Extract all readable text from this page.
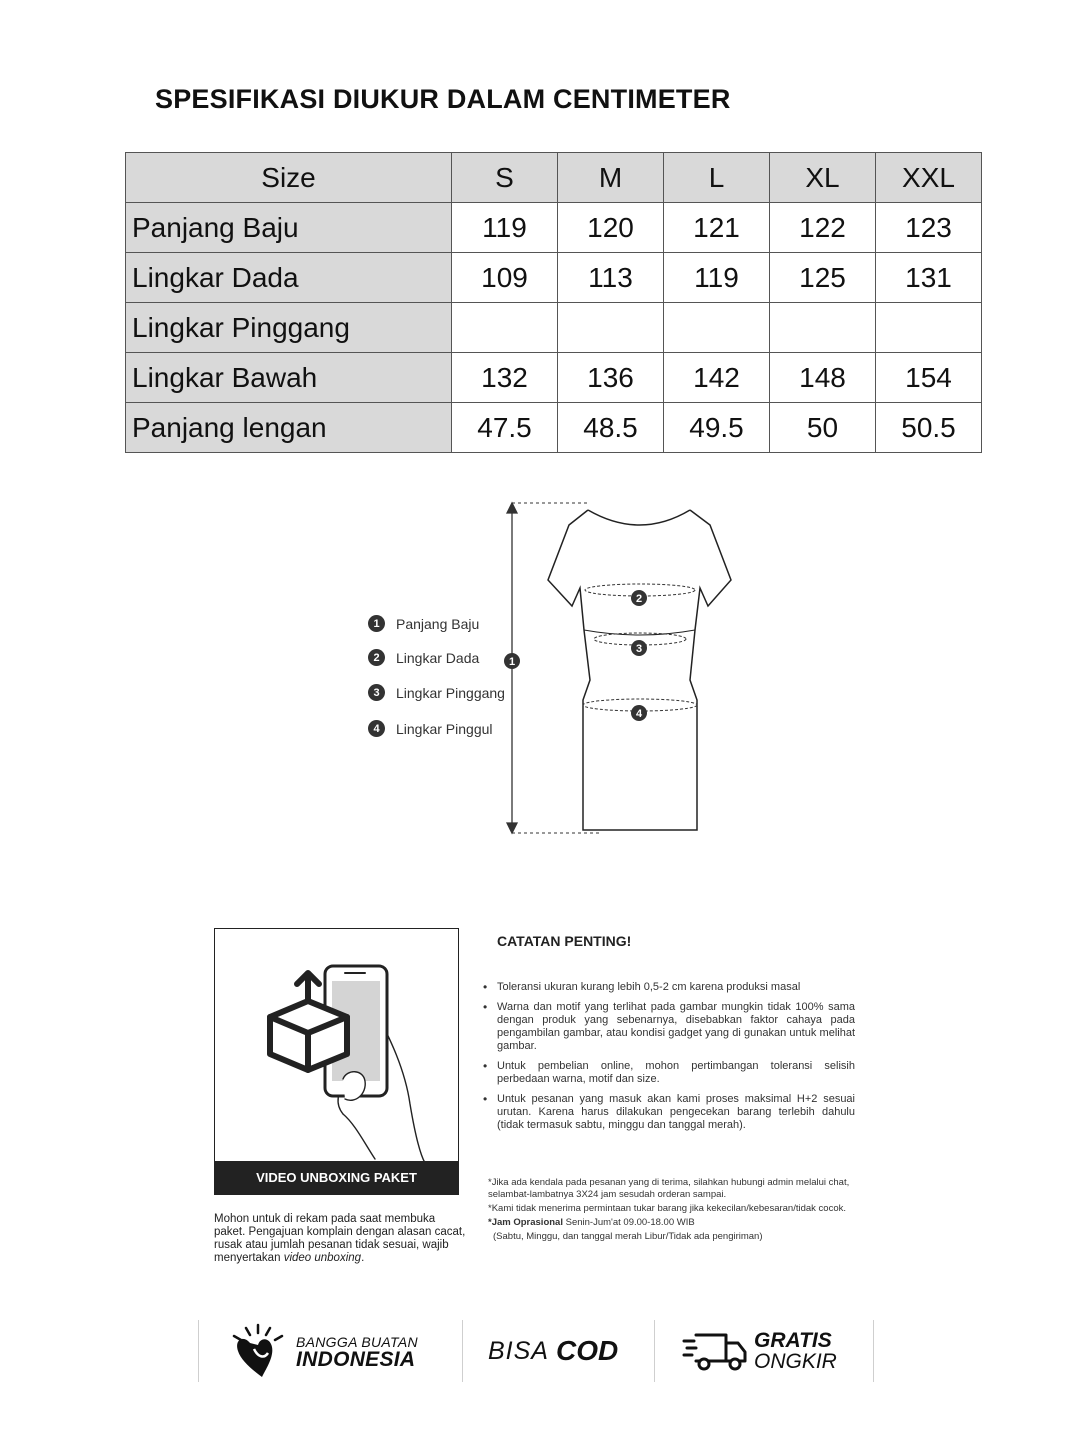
SPESIFIKASI DIUKUR DALAM CENTIMETER
Size	S	M	L	XL	XXL
Panjang Baju	119	120	121	122	123
Lingkar Dada	109	113	119	125	131
Lingkar Pinggang					
Lingkar Bawah	132	136	142	148	154
Panjang lengan	47.5	48.5	49.5	50	50.5
1	Panjang Baju
2	Lingkar Dada
3	Lingkar Pinggang
4	Lingkar Pinggul
1
2
3
4
VIDEO UNBOXING PAKET
Mohon untuk di rekam pada saat membuka paket. Pengajuan komplain dengan alasan cacat, rusak atau jumlah pesanan tidak sesuai, wajib menyertakan video unboxing.
CATATAN PENTING!
• Toleransi ukuran kurang lebih 0,5-2 cm karena produksi masal
• Warna dan motif yang terlihat pada gambar mungkin tidak 100% sama dengan produk yang sebenarnya, disebabkan faktor cahaya pada pengambilan gambar, atau kondisi gadget yang di gunakan untuk melihat gambar.
• Untuk pembelian online, mohon pertimbangan toleransi selisih perbedaan warna, motif dan size.
• Untuk pesanan yang masuk akan kami proses maksimal H+2 sesuai urutan. Karena harus dilakukan pengecekan barang terlebih dahulu (tidak termasuk sabtu, minggu dan tanggal merah).

*Jika ada kendala pada pesanan yang di terima, silahkan hubungi admin melalui chat, selambat-lambatnya 3X24 jam sesudah orderan sampai.

*Kami tidak menerima permintaan tukar barang jika kekecilan/kebesaran/tidak cocok.

*Jam Oprasional Senin-Jum'at 09.00-18.00 WIB

(Sabtu, Minggu, dan tanggal merah Libur/Tidak ada pengiriman)

BANGGA BUATAN
INDONESIA	BISA COD	GRATIS
ONGKIR
